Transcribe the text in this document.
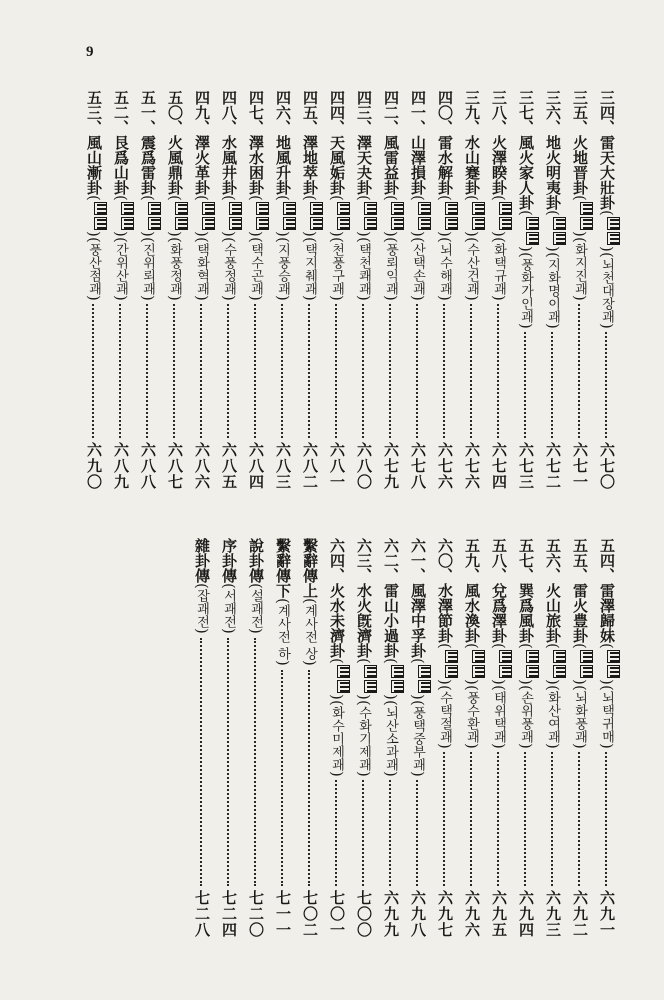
9
三四、
雷天大壯卦
(
)
(
뇌천대장괘
)
六七〇
三五、
火地晋卦
(
)
(
화지진괘
)
六七一
三六、
地火明夷卦
(
)
(
지화명이괘
)
六七二
三七、
風火家人卦
(
)
(
풍화가인괘
)
六七三
三八、
火澤睽卦
(
)
(
화택규괘
)
六七四
三九、
水山蹇卦
(
)
(
수산건괘
)
六七六
四〇、
雷水解卦
(
)
(
뇌수해괘
)
六七六
四一、
山澤損卦
(
)
(
산택손괘
)
六七八
四二、
風雷益卦
(
)
(
풍뢰익괘
)
六七九
四三、
澤天夬卦
(
)
(
택천쾌괘
)
六八〇
四四、
天風姤卦
(
)
(
천풍구괘
)
六八一
四五、
澤地萃卦
(
)
(
택지췌괘
)
六八二
四六、
地風升卦
(
)
(
지풍승괘
)
六八三
四七、
澤水困卦
(
)
(
택수곤괘
)
六八四
四八、
水風井卦
(
)
(
수풍정괘
)
六八五
四九、
澤火革卦
(
)
(
택화혁괘
)
六八六
五〇、
火風鼎卦
(
)
(
화풍정괘
)
六八七
五一、
震爲雷卦
(
)
(
진위뢰괘
)
六八八
五二、
艮爲山卦
(
)
(
간위산괘
)
六八九
五三、
風山漸卦
(
)
(
풍산점괘
)
六九〇
五四、
雷澤歸妹
(
)
(
뇌택귀매
)
六九一
五五、
雷火豊卦
(
)
(
뇌화풍괘
)
六九二
五六、
火山旅卦
(
)
(
화산여괘
)
六九三
五七、
巽爲風卦
(
)
(
손위풍괘
)
六九四
五八、
兌爲澤卦
(
)
(
태위택괘
)
六九五
五九、
風水渙卦
(
)
(
풍수환괘
)
六九六
六〇、
水澤節卦
(
)
(
수택절괘
)
六九七
六一、
風澤中孚卦
(
)
(
풍택중부괘
)
六九八
六二、
雷山小過卦
(
)
(
뇌산소과괘
)
六九九
六三、
水火旣濟卦
(
)
(
수화기제괘
)
七〇〇
六四、
火水未濟卦
(
)
(
화수미제괘
)
七〇一
繫辭傳上
(
계사전 상
)
七〇二
繫辭傳下
(
계사전 하
)
七一一
說卦傳
(
설괘전
)
七二〇
序卦傳
(
서괘전
)
七二四
雜卦傳
(
잡괘전
)
七二八
